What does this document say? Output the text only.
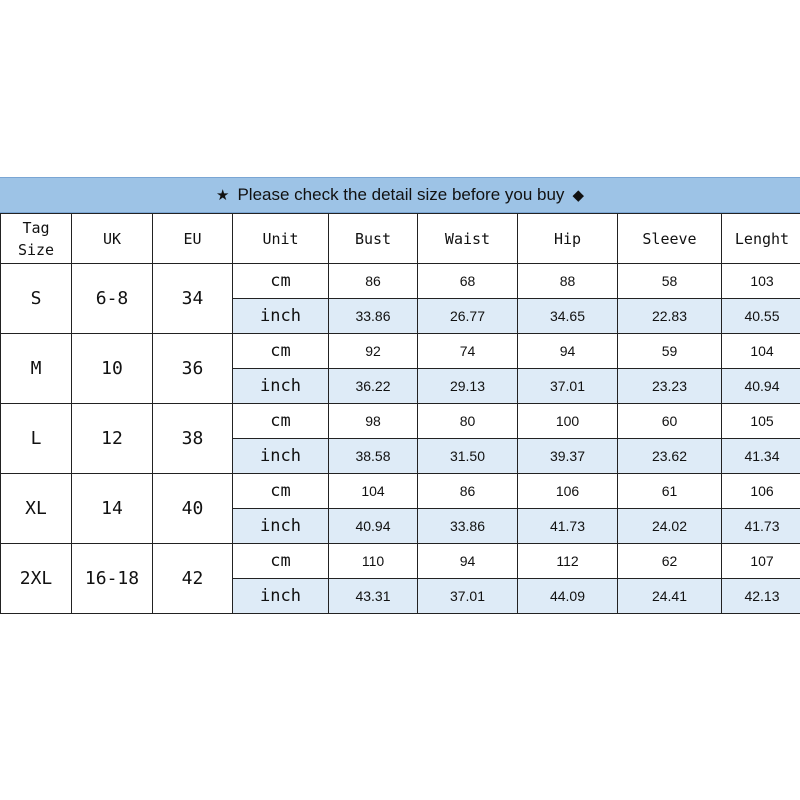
★ Please check the detail size before you buy ◆
Tag Size	UK	EU	Unit	Bust	Waist	Hip	Sleeve	Lenght
S	6-8	34	cm	86	68	88	58	103
			inch	33.86	26.77	34.65	22.83	40.55
M	10	36	cm	92	74	94	59	104
			inch	36.22	29.13	37.01	23.23	40.94
L	12	38	cm	98	80	100	60	105
			inch	38.58	31.50	39.37	23.62	41.34
XL	14	40	cm	104	86	106	61	106
			inch	40.94	33.86	41.73	24.02	41.73
2XL	16-18	42	cm	110	94	112	62	107
			inch	43.31	37.01	44.09	24.41	42.13
